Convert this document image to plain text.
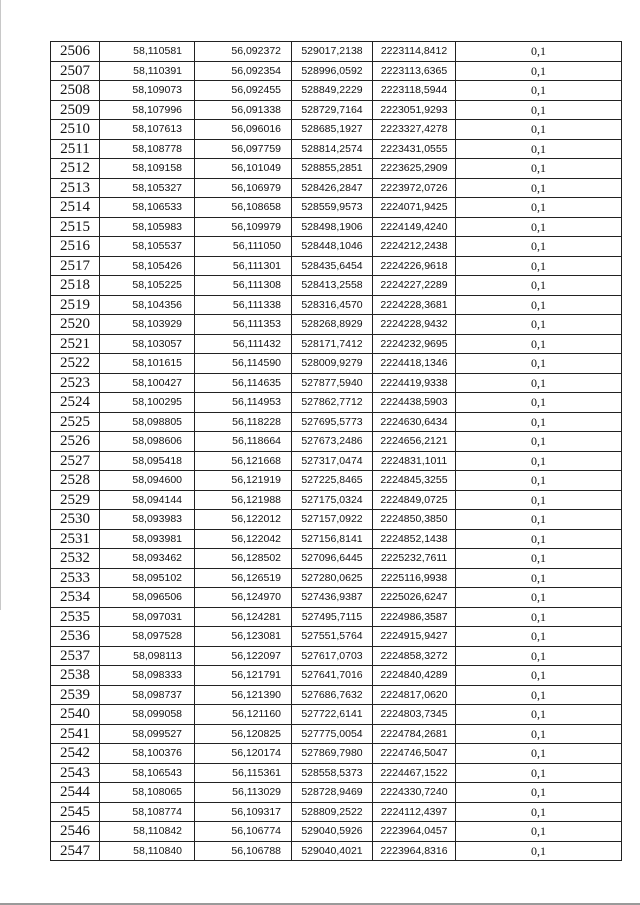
2506	58,110581	56,092372	529017,2138	2223114,8412	0,1
2507	58,110391	56,092354	528996,0592	2223113,6365	0,1
2508	58,109073	56,092455	528849,2229	2223118,5944	0,1
2509	58,107996	56,091338	528729,7164	2223051,9293	0,1
2510	58,107613	56,096016	528685,1927	2223327,4278	0,1
2511	58,108778	56,097759	528814,2574	2223431,0555	0,1
2512	58,109158	56,101049	528855,2851	2223625,2909	0,1
2513	58,105327	56,106979	528426,2847	2223972,0726	0,1
2514	58,106533	56,108658	528559,9573	2224071,9425	0,1
2515	58,105983	56,109979	528498,1906	2224149,4240	0,1
2516	58,105537	56,111050	528448,1046	2224212,2438	0,1
2517	58,105426	56,111301	528435,6454	2224226,9618	0,1
2518	58,105225	56,111308	528413,2558	2224227,2289	0,1
2519	58,104356	56,111338	528316,4570	2224228,3681	0,1
2520	58,103929	56,111353	528268,8929	2224228,9432	0,1
2521	58,103057	56,111432	528171,7412	2224232,9695	0,1
2522	58,101615	56,114590	528009,9279	2224418,1346	0,1
2523	58,100427	56,114635	527877,5940	2224419,9338	0,1
2524	58,100295	56,114953	527862,7712	2224438,5903	0,1
2525	58,098805	56,118228	527695,5773	2224630,6434	0,1
2526	58,098606	56,118664	527673,2486	2224656,2121	0,1
2527	58,095418	56,121668	527317,0474	2224831,1011	0,1
2528	58,094600	56,121919	527225,8465	2224845,3255	0,1
2529	58,094144	56,121988	527175,0324	2224849,0725	0,1
2530	58,093983	56,122012	527157,0922	2224850,3850	0,1
2531	58,093981	56,122042	527156,8141	2224852,1438	0,1
2532	58,093462	56,128502	527096,6445	2225232,7611	0,1
2533	58,095102	56,126519	527280,0625	2225116,9938	0,1
2534	58,096506	56,124970	527436,9387	2225026,6247	0,1
2535	58,097031	56,124281	527495,7115	2224986,3587	0,1
2536	58,097528	56,123081	527551,5764	2224915,9427	0,1
2537	58,098113	56,122097	527617,0703	2224858,3272	0,1
2538	58,098333	56,121791	527641,7016	2224840,4289	0,1
2539	58,098737	56,121390	527686,7632	2224817,0620	0,1
2540	58,099058	56,121160	527722,6141	2224803,7345	0,1
2541	58,099527	56,120825	527775,0054	2224784,2681	0,1
2542	58,100376	56,120174	527869,7980	2224746,5047	0,1
2543	58,106543	56,115361	528558,5373	2224467,1522	0,1
2544	58,108065	56,113029	528728,9469	2224330,7240	0,1
2545	58,108774	56,109317	528809,2522	2224112,4397	0,1
2546	58,110842	56,106774	529040,5926	2223964,0457	0,1
2547	58,110840	56,106788	529040,4021	2223964,8316	0,1
